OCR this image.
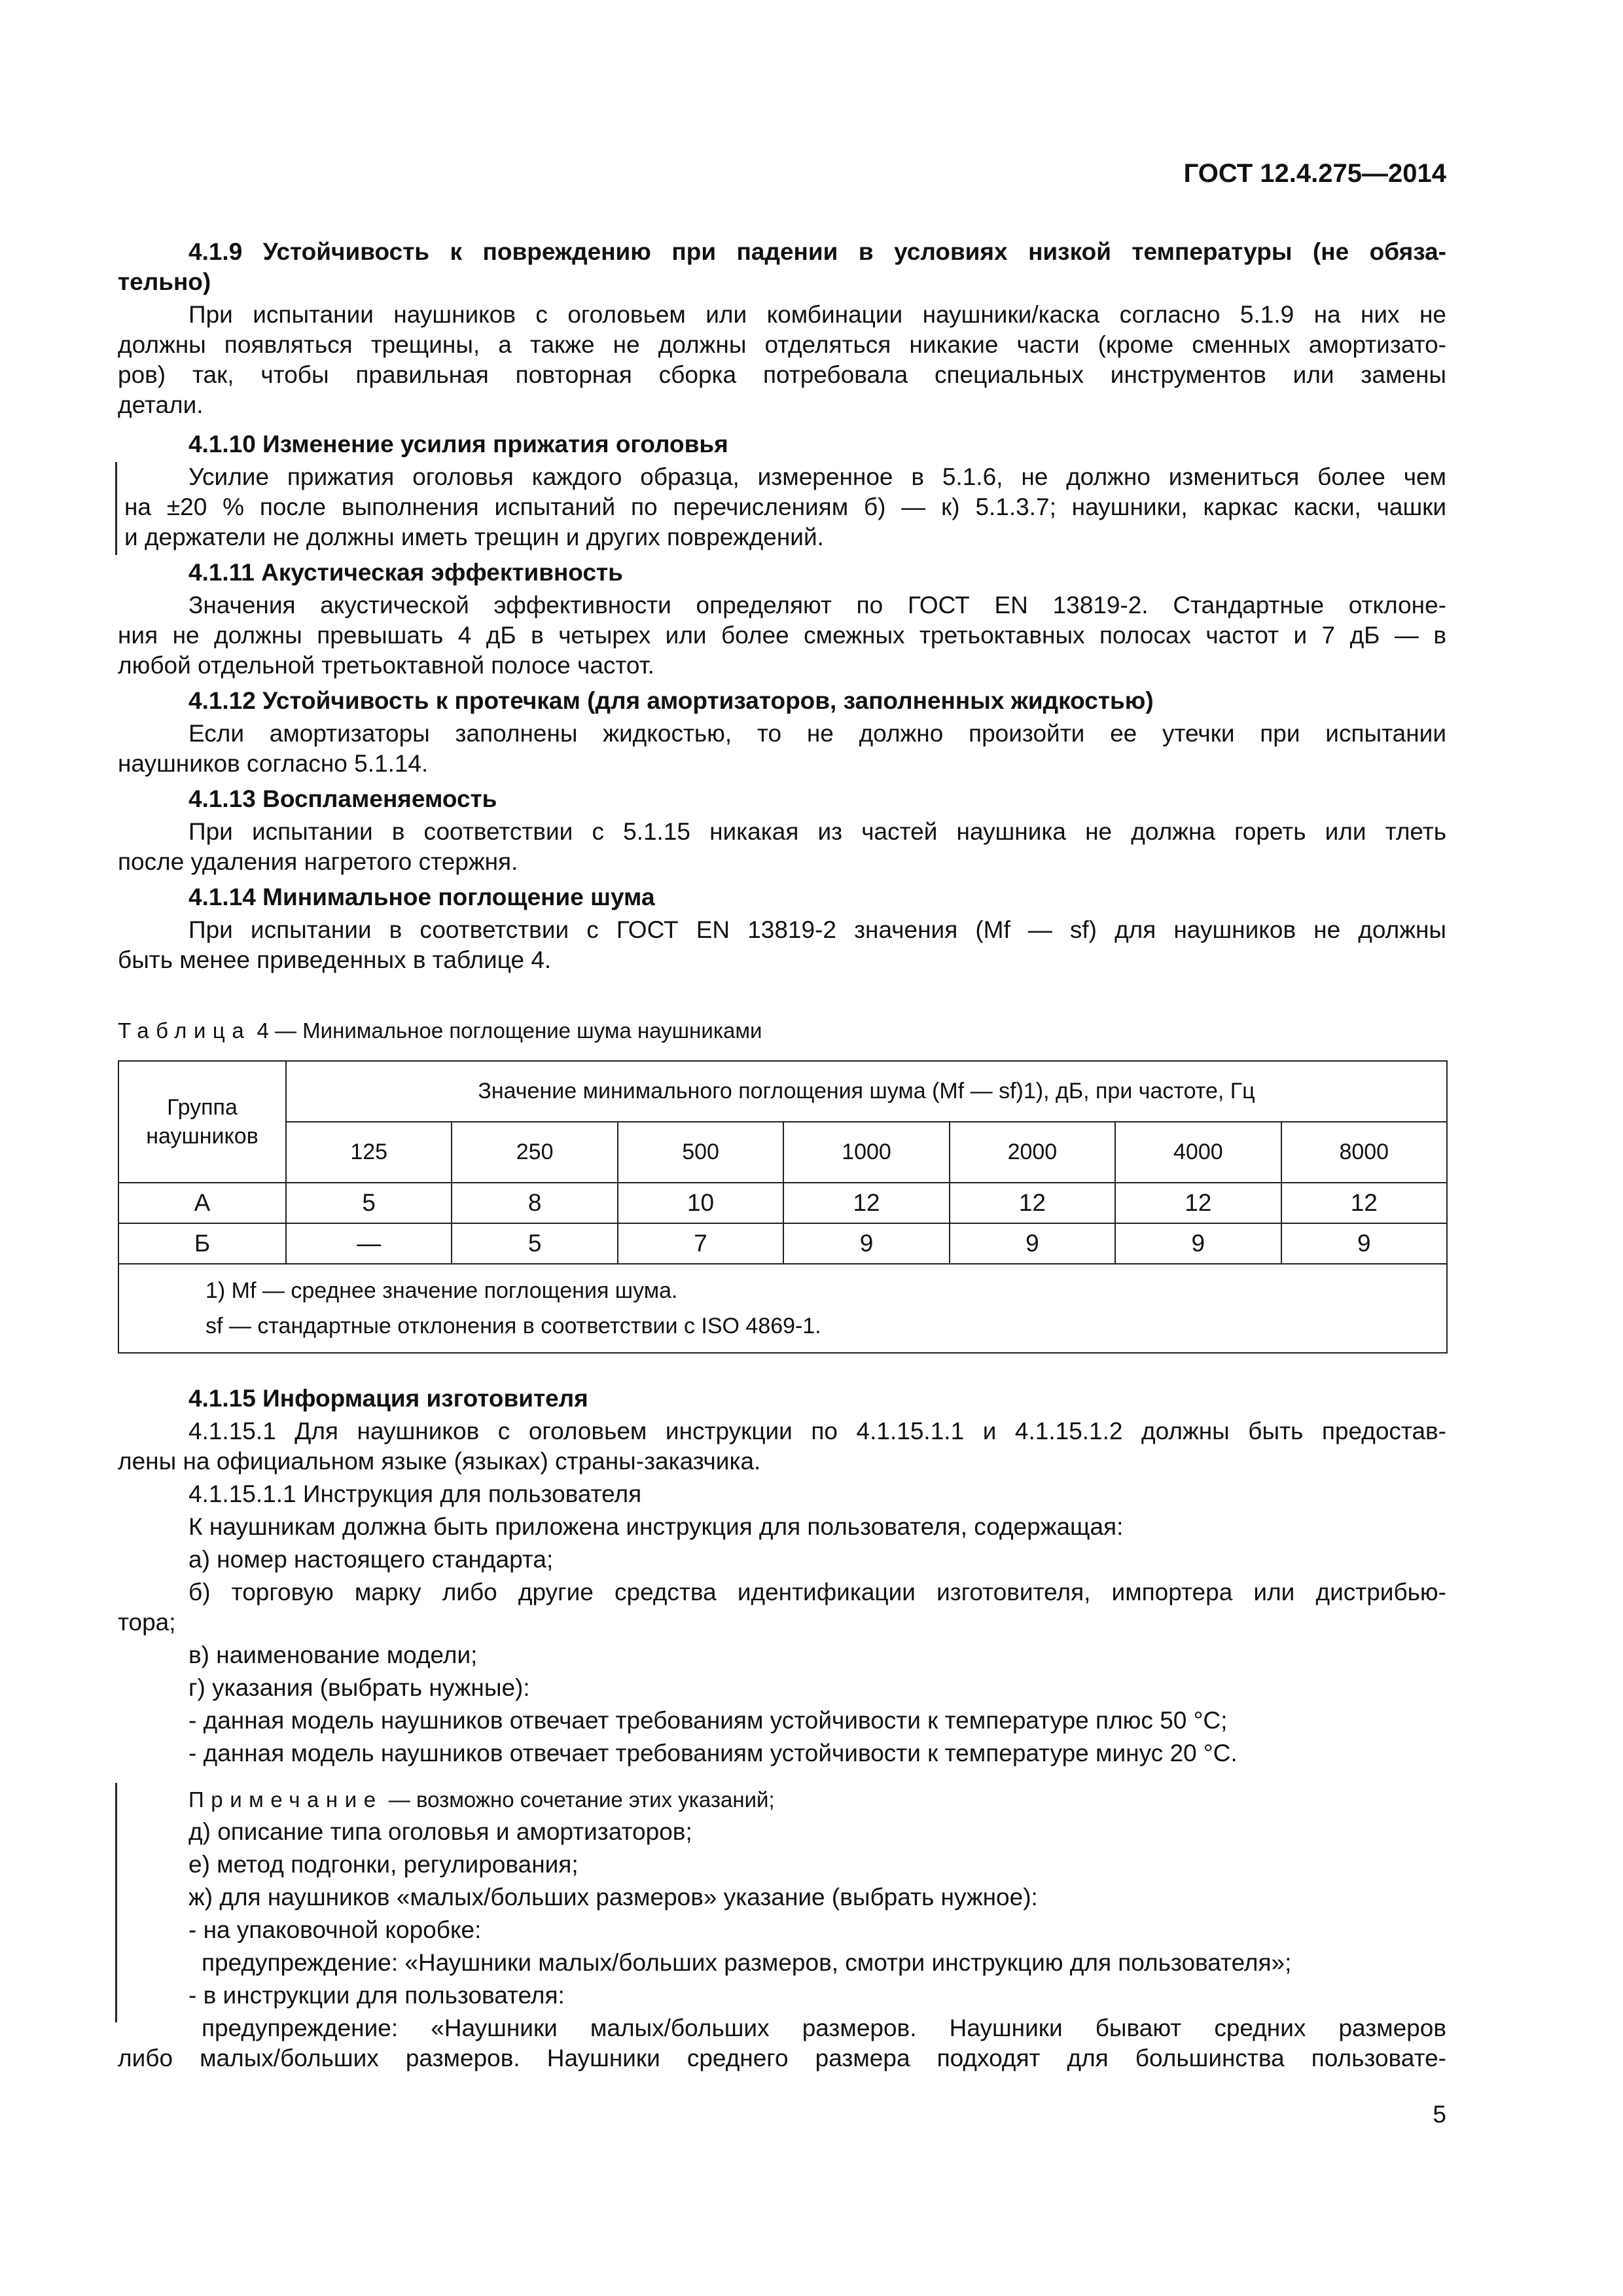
ГОСТ 12.4.275—2014
4.1.9 Устойчивость к повреждению при падении в условиях низкой температуры (не обяза-
тельно)
При испытании наушников с оголовьем или комбинации наушники/каска согласно 5.1.9 на них не
должны появляться трещины, а также не должны отделяться никакие части (кроме сменных амортизато-
ров) так, чтобы правильная повторная сборка потребовала специальных инструментов или замены
детали.
4.1.10 Изменение усилия прижатия оголовья
Усилие прижатия оголовья каждого образца, измеренное в 5.1.6, не должно измениться более чем
на ±20 % после выполнения испытаний по перечислениям б) — к) 5.1.3.7; наушники, каркас каски, чашки
и держатели не должны иметь трещин и других повреждений.
4.1.11 Акустическая эффективность
Значения акустической эффективности определяют по ГОСТ EN 13819-2. Стандартные отклоне-
ния не должны превышать 4 дБ в четырех или более смежных третьоктавных полосах частот и 7 дБ — в
любой отдельной третьоктавной полосе частот.
4.1.12 Устойчивость к протечкам (для амортизаторов, заполненных жидкостью)
Если амортизаторы заполнены жидкостью, то не должно произойти ее утечки при испытании
наушников согласно 5.1.14.
4.1.13 Воспламеняемость
При испытании в соответствии с 5.1.15 никакая из частей наушника не должна гореть или тлеть
после удаления нагретого стержня.
4.1.14 Минимальное поглощение шума
При испытании в соответствии с ГОСТ EN 13819-2 значения (Mf — sf) для наушников не должны
быть менее приведенных в таблице 4.
Таблица 4 — Минимальное поглощение шума наушниками
Группа наушников	Значение минимального поглощения шума (Mf — sf)1), дБ, при частоте, Гц						
	125	250	500	1000	2000	4000	8000
А	5	8	10	12	12	12	12
Б	—	5	7	9	9	9	9

1) Mf — среднее значение поглощения шума.
sf — стандартные отклонения в соответствии с ISO 4869-1.							
4.1.15 Информация изготовителя
4.1.15.1 Для наушников с оголовьем инструкции по 4.1.15.1.1 и 4.1.15.1.2 должны быть предостав-
лены на официальном языке (языках) страны-заказчика.
4.1.15.1.1 Инструкция для пользователя
К наушникам должна быть приложена инструкция для пользователя, содержащая:
а) номер настоящего стандарта;
б) торговую марку либо другие средства идентификации изготовителя, импортера или дистрибью-
тора;
в) наименование модели;
г) указания (выбрать нужные):
- данная модель наушников отвечает требованиям устойчивости к температуре плюс 50 °С;
- данная модель наушников отвечает требованиям устойчивости к температуре минус 20 °С.
Примечание — возможно сочетание этих указаний;
д) описание типа оголовья и амортизаторов;
е) метод подгонки, регулирования;
ж) для наушников «малых/больших размеров» указание (выбрать нужное):
- на упаковочной коробке:
предупреждение: «Наушники малых/больших размеров, смотри инструкцию для пользователя»;
- в инструкции для пользователя:
предупреждение: «Наушники малых/больших размеров. Наушники бывают средних размеров
либо малых/больших размеров. Наушники среднего размера подходят для большинства пользовате-
5
